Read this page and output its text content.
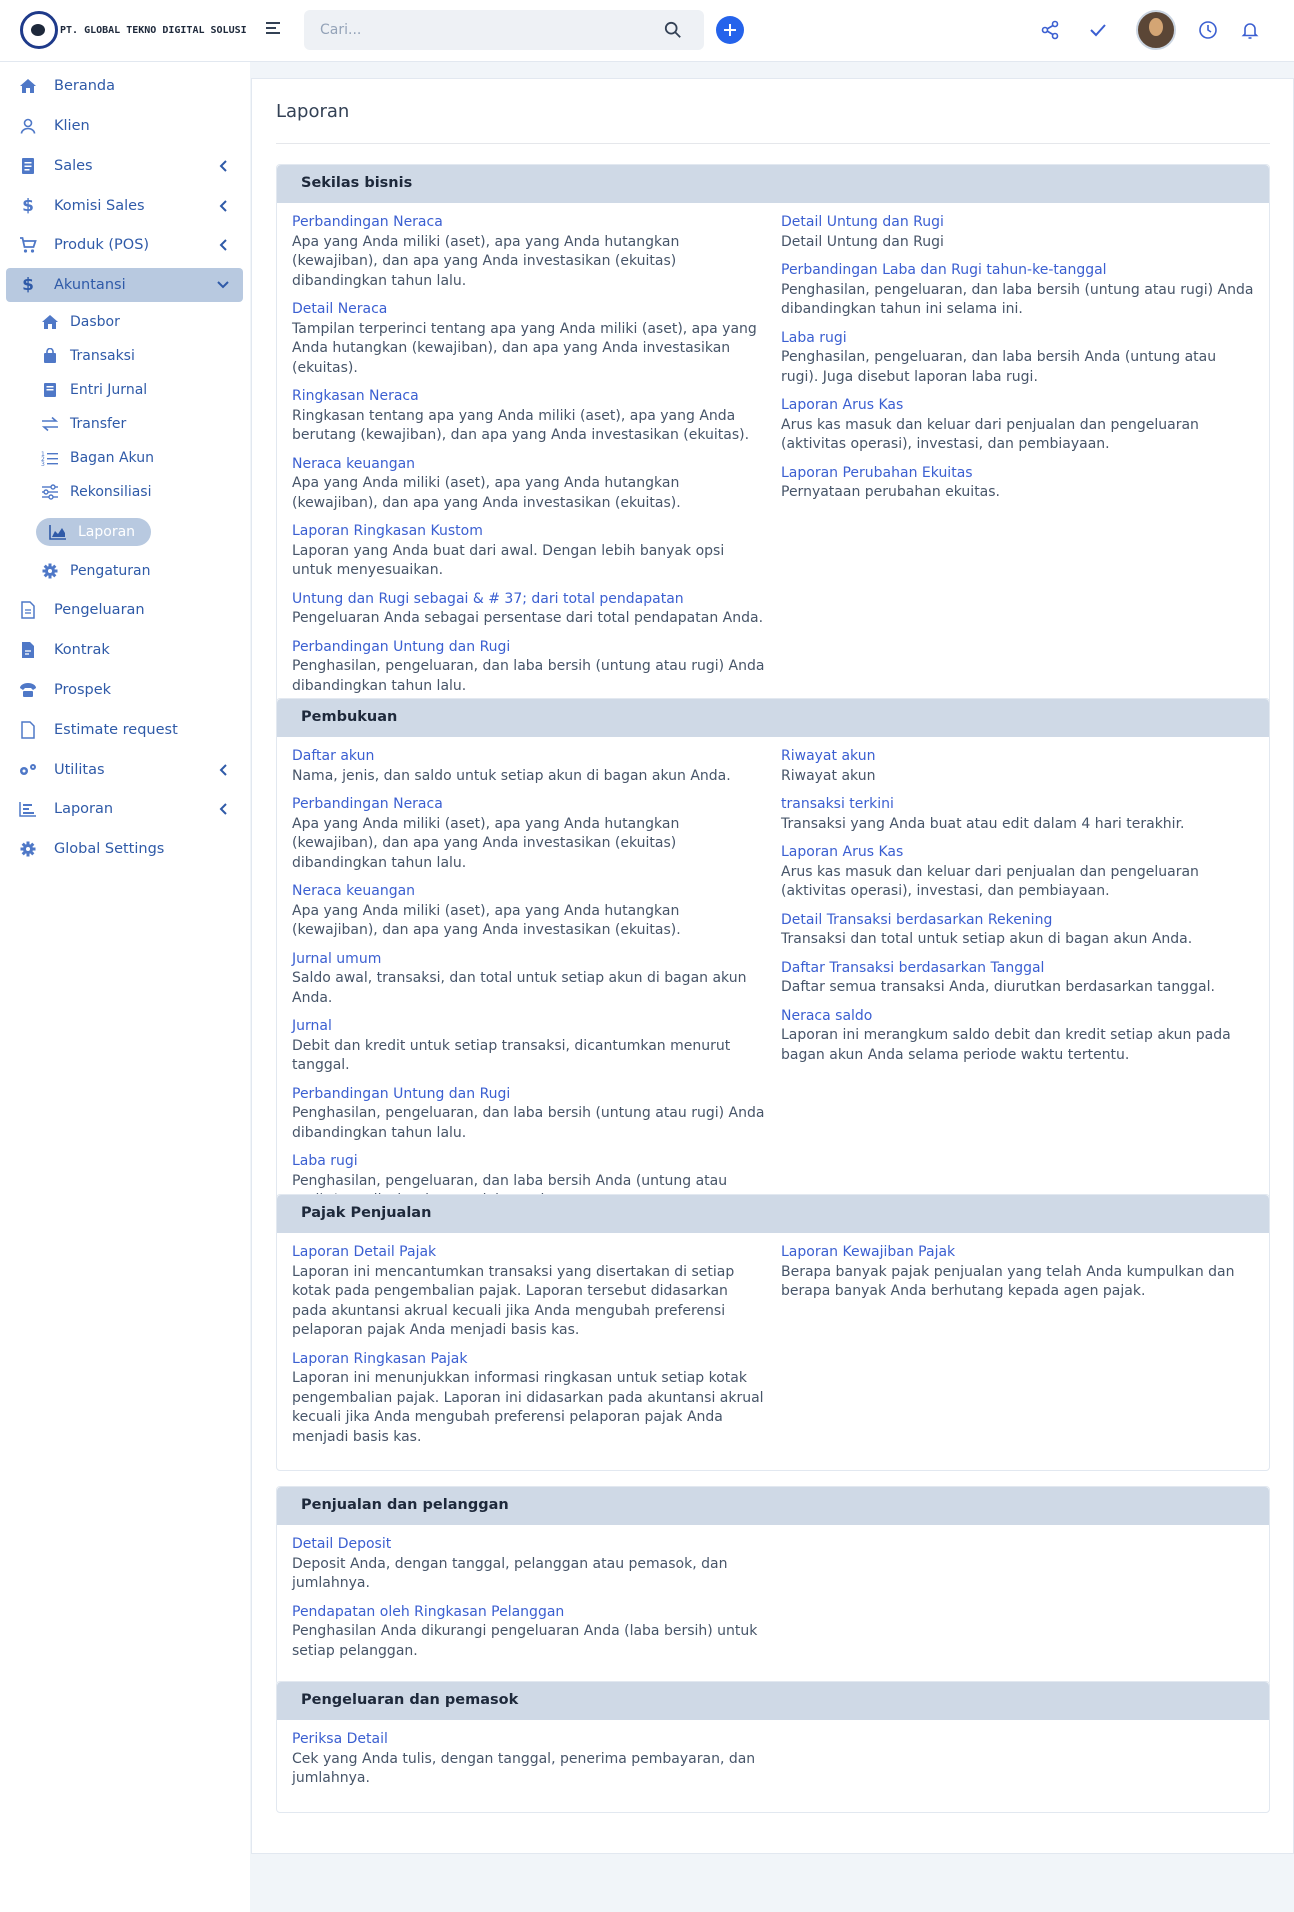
PT. GLOBAL TEKNO DIGITAL SOLUSI
Cari...
Beranda
Klien
Sales
$ Komisi Sales
Produk (POS)
$ Akuntansi
Dasbor
Transaksi
Entri Jurnal
Transfer
1
2
3 Bagan Akun
Rekonsiliasi
Laporan
Pengaturan
Pengeluaran
Kontrak
Prospek
Estimate request
Utilitas
Laporan
Global Settings
Laporan
Sekilas bisnis
Perbandingan Neraca

Apa yang Anda miliki (aset), apa yang Anda hutangkan (kewajiban), dan apa yang Anda investasikan (ekuitas) dibandingkan tahun lalu.

Detail Neraca

Tampilan terperinci tentang apa yang Anda miliki (aset), apa yang Anda hutangkan (kewajiban), dan apa yang Anda investasikan (ekuitas).

Ringkasan Neraca

Ringkasan tentang apa yang Anda miliki (aset), apa yang Anda berutang (kewajiban), dan apa yang Anda investasikan (ekuitas).

Neraca keuangan

Apa yang Anda miliki (aset), apa yang Anda hutangkan (kewajiban), dan apa yang Anda investasikan (ekuitas).

Laporan Ringkasan Kustom

Laporan yang Anda buat dari awal. Dengan lebih banyak opsi untuk menyesuaikan.

Untung dan Rugi sebagai & # 37; dari total pendapatan

Pengeluaran Anda sebagai persentase dari total pendapatan Anda.

Perbandingan Untung dan Rugi

Penghasilan, pengeluaran, dan laba bersih (untung atau rugi) Anda dibandingkan tahun lalu.

Detail Untung dan Rugi

Detail Untung dan Rugi

Perbandingan Laba dan Rugi tahun-ke-tanggal

Penghasilan, pengeluaran, dan laba bersih (untung atau rugi) Anda dibandingkan tahun ini selama ini.

Laba rugi

Penghasilan, pengeluaran, dan laba bersih Anda (untung atau rugi). Juga disebut laporan laba rugi.

Laporan Arus Kas

Arus kas masuk dan keluar dari penjualan dan pengeluaran (aktivitas operasi), investasi, dan pembiayaan.

Laporan Perubahan Ekuitas

Pernyataan perubahan ekuitas.

Pembukuan
Daftar akun

Nama, jenis, dan saldo untuk setiap akun di bagan akun Anda.

Perbandingan Neraca

Apa yang Anda miliki (aset), apa yang Anda hutangkan (kewajiban), dan apa yang Anda investasikan (ekuitas) dibandingkan tahun lalu.

Neraca keuangan

Apa yang Anda miliki (aset), apa yang Anda hutangkan (kewajiban), dan apa yang Anda investasikan (ekuitas).

Jurnal umum

Saldo awal, transaksi, dan total untuk setiap akun di bagan akun Anda.

Jurnal

Debit dan kredit untuk setiap transaksi, dicantumkan menurut tanggal.

Perbandingan Untung dan Rugi

Penghasilan, pengeluaran, dan laba bersih (untung atau rugi) Anda dibandingkan tahun lalu.

Laba rugi

Penghasilan, pengeluaran, dan laba bersih Anda (untung atau

Riwayat akun

Riwayat akun

transaksi terkini

Transaksi yang Anda buat atau edit dalam 4 hari terakhir.

Laporan Arus Kas

Arus kas masuk dan keluar dari penjualan dan pengeluaran (aktivitas operasi), investasi, dan pembiayaan.

Detail Transaksi berdasarkan Rekening

Transaksi dan total untuk setiap akun di bagan akun Anda.

Daftar Transaksi berdasarkan Tanggal

Daftar semua transaksi Anda, diurutkan berdasarkan tanggal.

Neraca saldo

Laporan ini merangkum saldo debit dan kredit setiap akun pada bagan akun Anda selama periode waktu tertentu.

Pajak Penjualan
Laporan Detail Pajak

Laporan ini mencantumkan transaksi yang disertakan di setiap kotak pada pengembalian pajak. Laporan tersebut didasarkan pada akuntansi akrual kecuali jika Anda mengubah preferensi pelaporan pajak Anda menjadi basis kas.

Laporan Ringkasan Pajak

Laporan ini menunjukkan informasi ringkasan untuk setiap kotak pengembalian pajak. Laporan ini didasarkan pada akuntansi akrual kecuali jika Anda mengubah preferensi pelaporan pajak Anda menjadi basis kas.

Laporan Kewajiban Pajak

Berapa banyak pajak penjualan yang telah Anda kumpulkan dan berapa banyak Anda berhutang kepada agen pajak.

Penjualan dan pelanggan
Detail Deposit

Deposit Anda, dengan tanggal, pelanggan atau pemasok, dan jumlahnya.

Pendapatan oleh Ringkasan Pelanggan

Penghasilan Anda dikurangi pengeluaran Anda (laba bersih) untuk setiap pelanggan.

Pengeluaran dan pemasok
Periksa Detail

Cek yang Anda tulis, dengan tanggal, penerima pembayaran, dan jumlahnya.
